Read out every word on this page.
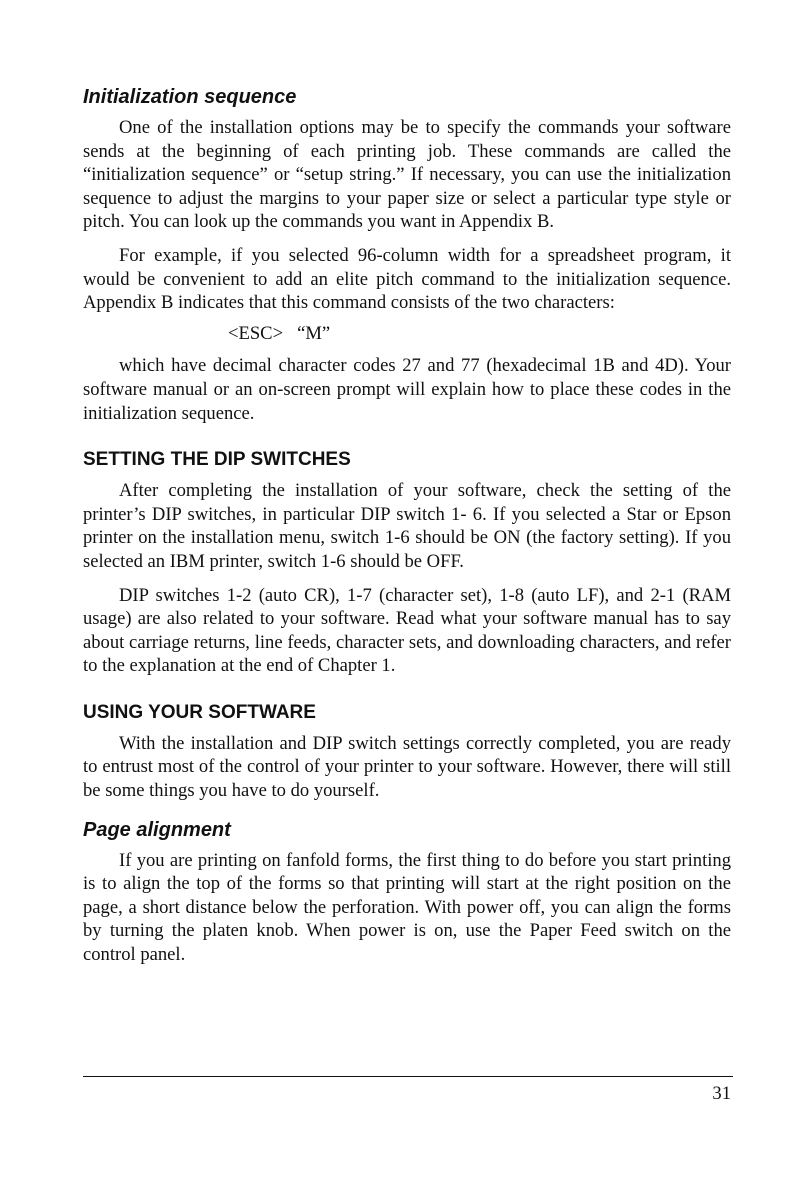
Initialization sequence

One of the installation options may be to specify the commands your software sends at the beginning of each printing job. These commands are called the “initialization sequence” or “setup string.” If necessary, you can use the initialization sequence to adjust the margins to your paper size or select a particular type style or pitch. You can look up the commands you want in Appendix B.

For example, if you selected 96-column width for a spreadsheet program, it would be convenient to add an elite pitch command to the initialization sequence. Appendix B indicates that this command consists of the two characters:

<ESC> “M”

which have decimal character codes 27 and 77 (hexadecimal 1B and 4D). Your software manual or an on-screen prompt will explain how to place these codes in the initialization sequence.

SETTING THE DIP SWITCHES

After completing the installation of your software, check the setting of the printer’s DIP switches, in particular DIP switch 1- 6. If you selected a Star or Epson printer on the installation menu, switch 1-6 should be ON (the factory setting). If you selected an IBM printer, switch 1-6 should be OFF.

DIP switches 1-2 (auto CR), 1-7 (character set), 1-8 (auto LF), and 2-1 (RAM usage) are also related to your software. Read what your software manual has to say about carriage returns, line feeds, character sets, and downloading characters, and refer to the explanation at the end of Chapter 1.

USING YOUR SOFTWARE

With the installation and DIP switch settings correctly completed, you are ready to entrust most of the control of your printer to your software. However, there will still be some things you have to do yourself.

Page alignment

If you are printing on fanfold forms, the first thing to do before you start printing is to align the top of the forms so that printing will start at the right position on the page, a short distance below the perforation. With power off, you can align the forms by turning the platen knob. When power is on, use the Paper Feed switch on the control panel.

31
